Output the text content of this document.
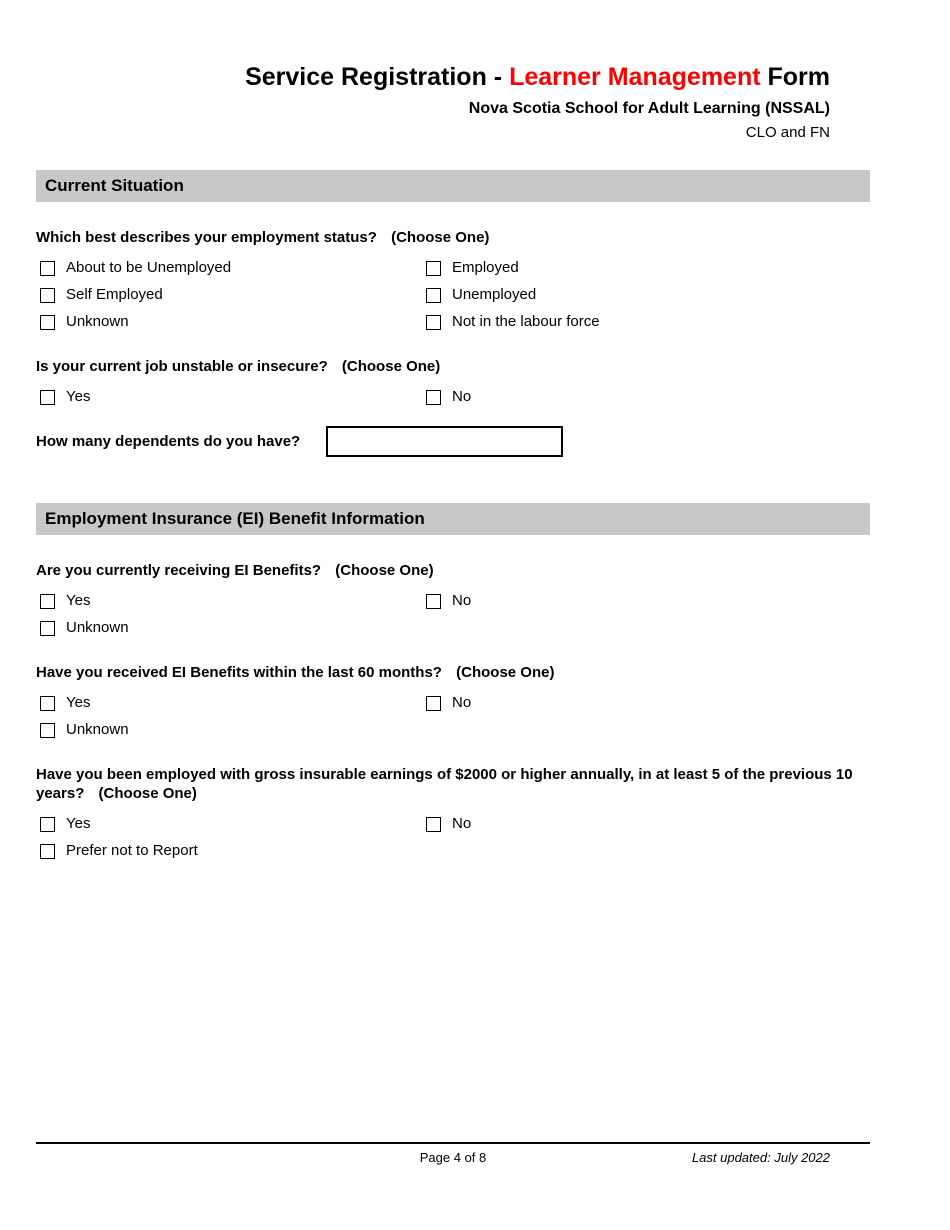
Service Registration - Learner Management Form
Nova Scotia School for Adult Learning (NSSAL)
CLO and FN
Current Situation

Which best describes your employment status? (Choose One)

About to be Unemployed	Employed
Self Employed	Unemployed
Unknown	Not in the labour force

Is your current job unstable or insecure? (Choose One)

Yes	No

How many dependents do you have?

Employment Insurance (EI) Benefit Information

Are you currently receiving EI Benefits? (Choose One)

Yes	No
Unknown

Have you received EI Benefits within the last 60 months? (Choose One)

Yes	No
Unknown

Have you been employed with gross insurable earnings of $2000 or higher annually, in at least 5 of the previous 10 years? (Choose One)

Yes	No
Prefer not to Report
Page 4 of 8	Last updated: July 2022
